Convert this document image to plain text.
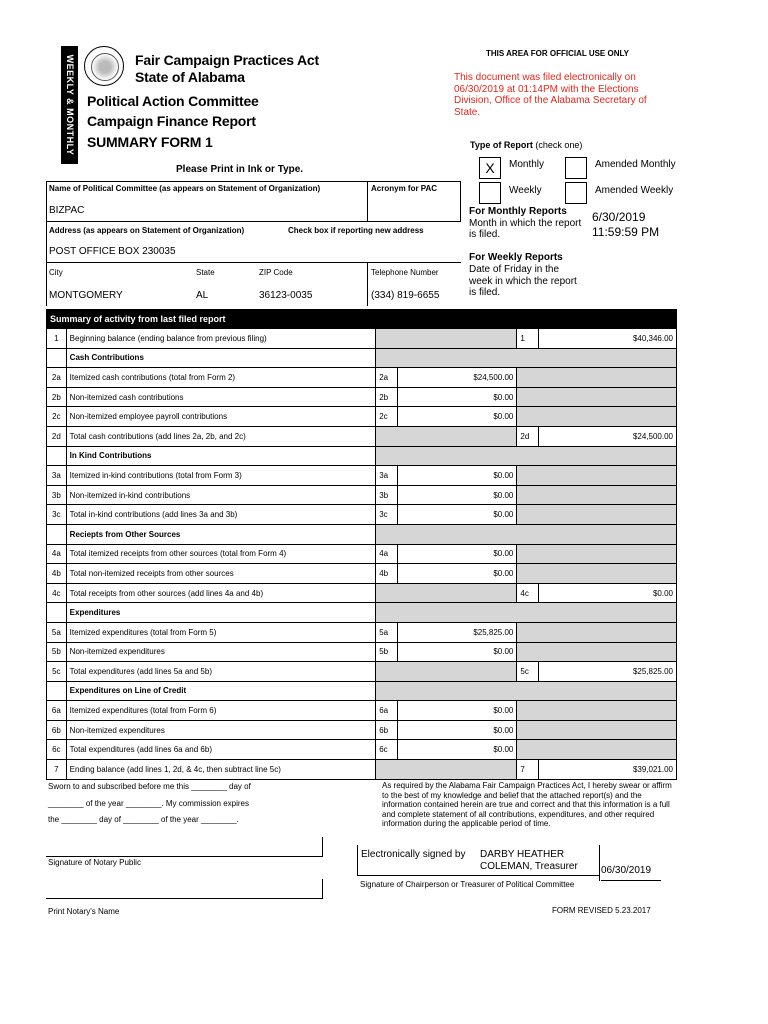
WEEKLY & MONTHLY	Fair Campaign Practices Act
State of Alabama
Political Action Committee
Campaign Finance Report
SUMMARY FORM 1
Please Print in Ink or Type.
THIS AREA FOR OFFICIAL USE ONLY
This document was filed electronically on 06/30/2019 at 01:14PM with the Elections Division, Office of the Alabama Secretary of State.
Type of Report (check one)
X	Monthly	Amended Monthly
Weekly	Amended Weekly
For Monthly Reports
Month in which the report is filed.
6/30/2019
11:59:59 PM
For Weekly Reports
Date of Friday in the week in which the report is filed.
Name of Political Committee (as appears on Statement of Organization)	Acronym for PAC
BIZPAC
Address (as appears on Statement of Organization)	Check box if reporting new address
POST OFFICE BOX 230035
City	State	ZIP Code	Telephone Number
MONTGOMERY	AL	36123-0035	(334) 819-6655
Summary of activity from last filed report					
1	Beginning balance (ending balance from previous filing)			1	$40,346.00
	Cash Contributions				
2a	Itemized cash contributions (total from Form 2)	2a	$24,500.00		
2b	Non-itemized cash contributions	2b	$0.00		
2c	Non-itemized employee payroll contributions	2c	$0.00		
2d	Total cash contributions (add lines 2a, 2b, and 2c)			2d	$24,500.00
	In Kind Contributions				
3a	Itemized in-kind contributions (total from Form 3)	3a	$0.00		
3b	Non-itemized in-kind contributions	3b	$0.00		
3c	Total in-kind contributions (add lines 3a and 3b)	3c	$0.00		
	Reciepts from Other Sources				
4a	Total itemized receipts from other sources (total from Form 4)	4a	$0.00		
4b	Total non-itemized receipts from other sources	4b	$0.00		
4c	Total receipts from other sources (add lines 4a and 4b)			4c	$0.00
	Expenditures				
5a	Itemized expenditures (total from Form 5)	5a	$25,825.00		
5b	Non-itemized expenditures	5b	$0.00		
5c	Total expenditures (add lines 5a and 5b)			5c	$25,825.00
	Expenditures on Line of Credit				
6a	Itemized expenditures (total from Form 6)	6a	$0.00		
6b	Non-itemized expenditures	6b	$0.00		
6c	Total expenditures (add lines 6a and 6b)	6c	$0.00		
7	Ending balance (add lines 1, 2d, & 4c, then subtract line 5c)			7	$39,021.00
Sworn to and subscribed before me this ________ day of
________ of the year ________. My commission expires
the ________ day of ________ of the year ________.
Signature of Notary Public
Print Notary's Name
As required by the Alabama Fair Campaign Practices Act, I hereby swear or affirm to the best of my knowledge and belief that the attached report(s) and the information contained herein are true and correct and that this information is a full and complete statement of all contributions, expenditures, and other required information during the applicable period of time.
Electronically signed by DARBY HEATHER COLEMAN, Treasurer	06/30/2019
Signature of Chairperson or Treasurer of Political Committee
FORM REVISED 5.23.2017
